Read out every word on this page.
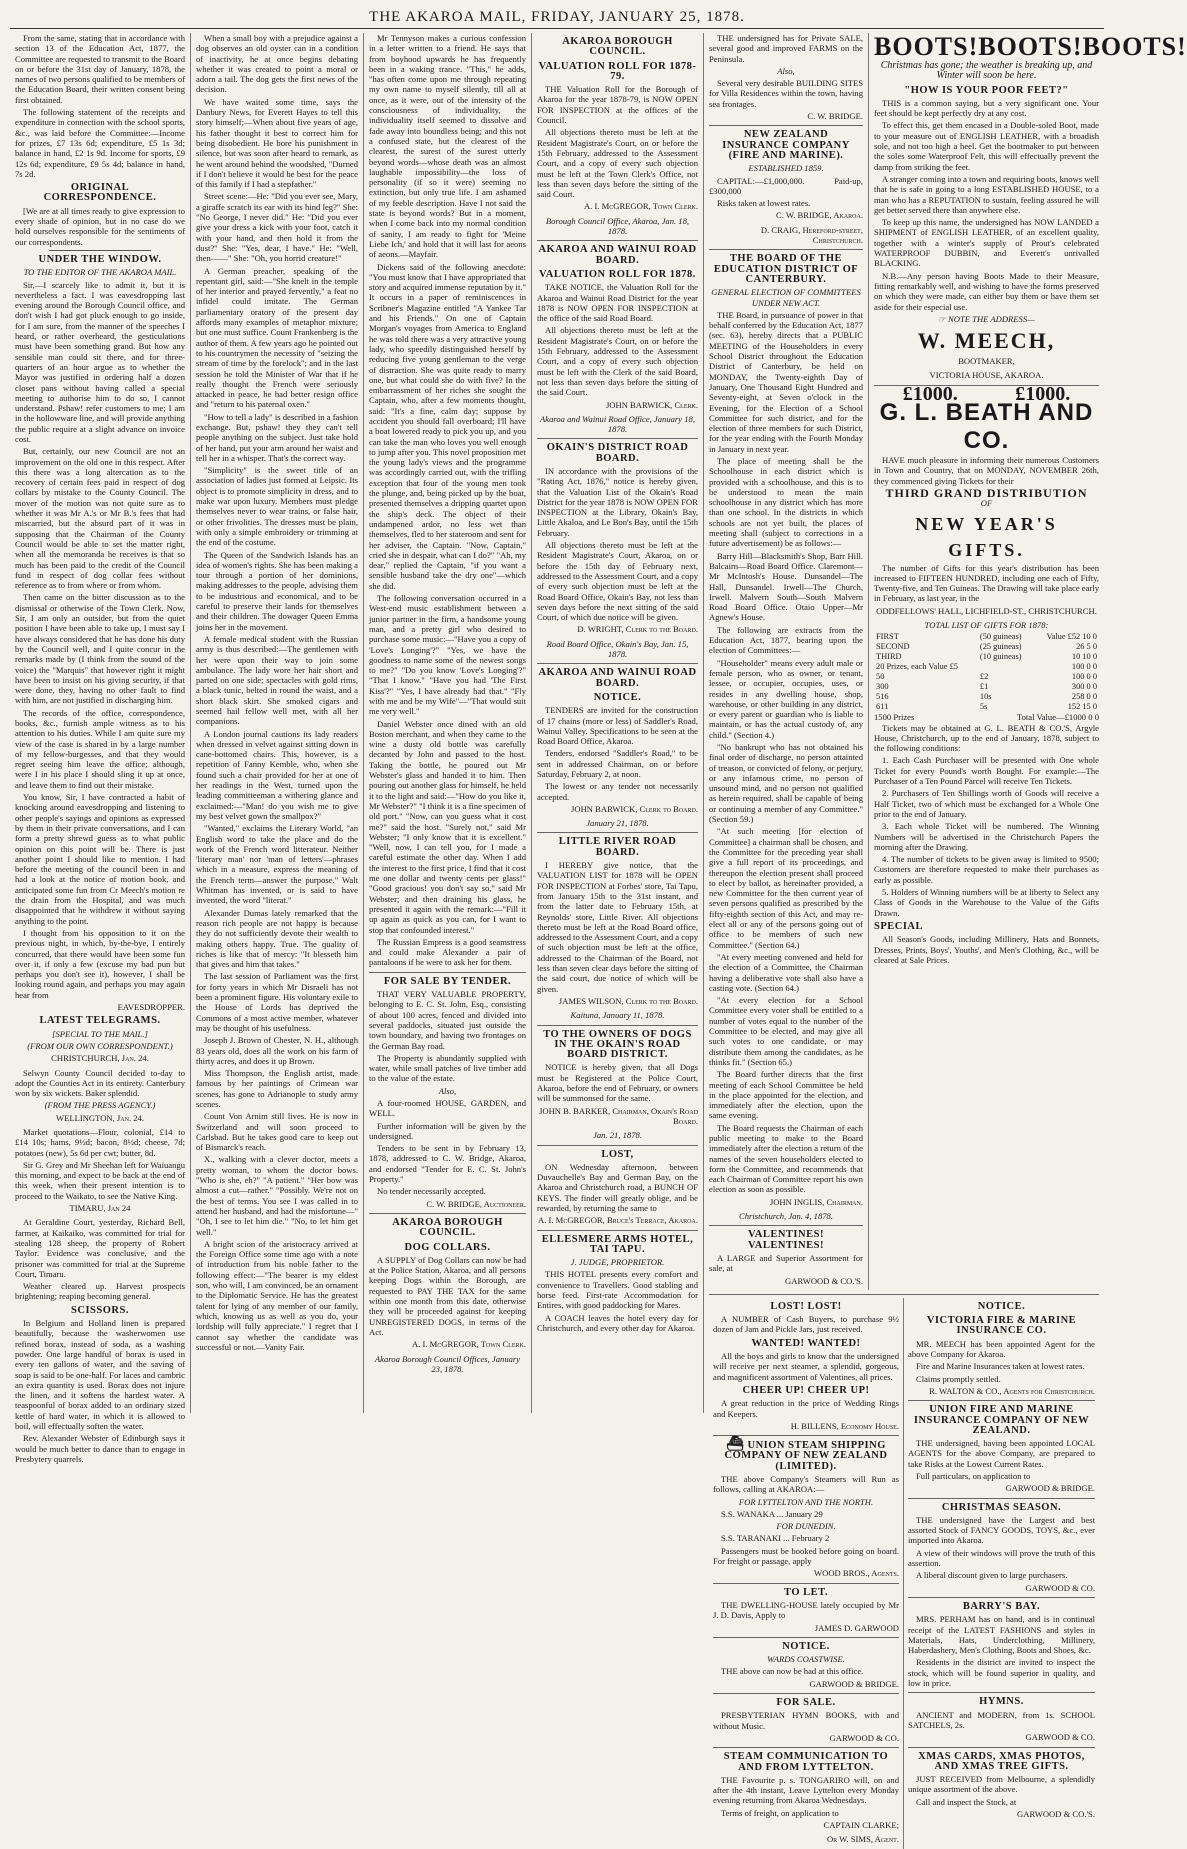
THE AKAROA MAIL, FRIDAY, JANUARY 25, 1878.

From the same, stating that in accordance with section 13 of the Education Act, 1877, the Committee are requested to transmit to the Board on or before the 31st day of January, 1878, the names of two persons qualified to be members of the Education Board, their written consent being first obtained.

The following statement of the receipts and expenditure in connection with the school sports, &c., was laid before the Committee:—Income for prizes, £7 13s 6d; expenditure, £5 1s 3d; balance in hand, £2 1s 9d. Income for sports, £9 12s 6d; expenditure, £9 5s 4d; balance in hand, 7s 2d.

ORIGINAL CORRESPONDENCE.

[We are at all times ready to give expression to every shade of opinion, but in no case do we hold ourselves responsible for the sentiments of our correspondents.

UNDER THE WINDOW.
TO THE EDITOR OF THE AKAROA MAIL.

Sir,—I scarcely like to admit it, but it is nevertheless a fact. I was eavesdropping last evening around the Borough Council office, and don't wish I had got pluck enough to go inside, for I am sure, from the manner of the speeches I heard, or rather overheard, the gesticulations must have been something grand. But how any sensible man could sit there, and for three-quarters of an hour argue as to whether the Mayor was justified in ordering half a dozen closet pans without having called a special meeting to authorise him to do so, I cannot understand. Pshaw! refer customers to me; I am in the hollowware line, and will provide anything the public require at a slight advance on invoice cost.

But, certainly, our new Council are not an improvement on the old one in this respect. After this there was a long altercation as to the recovery of certain fees paid in respect of dog collars by mistake to the County Council. The mover of the motion was not quite sure as to whether it was Mr A.'s or Mr B.'s fees that had miscarried, but the absurd part of it was in supposing that the Chairman of the County Council would be able to set the matter right, when all the memoranda he receives is that so much has been paid to the credit of the Council fund in respect of dog collar fees without reference as to from where or from whom.

Then came on the bitter discussion as to the dismissal or otherwise of the Town Clerk. Now, Sir, I am only an outsider, but from the quiet position I have been able to take up, I must say I have always considered that he has done his duty by the Council well, and I quite concur in the remarks made by (I think from the sound of the voice) the "Marquis" that however right it might have been to insist on his giving security, if that were done, they, having no other fault to find with him, are not justified in discharging him.

The records of the office, correspondence, books, &c., furnish ample witness as to his attention to his duties. While I am quite sure my view of the case is shared in by a large number of my fellow-burgesses, and that they would regret seeing him leave the office; although, were I in his place I should sling it up at once, and leave them to find out their mistake.

You know, Sir, I have contracted a habit of knocking around eavesdropping and listening to other people's sayings and opinions as expressed by them in their private conversations, and I can form a pretty shrewd guess as to what public opinion on this point will be. There is just another point I should like to mention. I had before the meeting of the council been in and had a look at the notice of motion book, and anticipated some fun from Cr Meech's motion re the drain from the Hospital, and was much disappointed that he withdrew it without saying anything to the point.

I thought from his opposition to it on the previous night, in which, by-the-bye, I entirely concurred, that there would have been some fun over it, if only a few (excuse my bad pun but perhaps you don't see it), however, I shall be looking round again, and perhaps you may again hear from

EAVESDROPPER.
LATEST TELEGRAMS.
[SPECIAL TO THE MAIL.]
(FROM OUR OWN CORRESPONDENT.)
CHRISTCHURCH, Jan. 24.

Selwyn County Council decided to-day to adopt the Counties Act in its entirety. Canterbury won by six wickets. Baker splendid.

(FROM THE PRESS AGENCY.)
WELLINGTON, Jan. 24.

Market quotations—Flour, colonial, £14 to £14 10s; hams, 9½d; bacon, 8½d; cheese, 7d; potatoes (new), 5s 6d per cwt; butter, 8d.

Sir G. Grey and Mr Sheehan left for Waiuangu this morning, and expect to be back at the end of this week, when their present intention is to proceed to the Waikato, to see the Native King.

TIMARU, Jan 24

At Geraldine Court, yesterday, Richard Bell, farmer, at Kaikaiko, was committed for trial for stealing 128 sheep, the property of Robert Taylor. Evidence was conclusive, and the prisoner was committed for trial at the Supreme Court, Timaru.

Weather cleared up. Harvest prospects brightening; reaping becoming general.

SCISSORS.

In Belgium and Holland linen is prepared beautifully, because the washerwomen use refined borax, instead of soda, as a washing powder. One large handful of borax is used in every ten gallons of water, and the saving of soap is said to be one-half. For laces and cambric an extra quantity is used. Borax does not injure the linen, and it softens the hardest water. A teaspoonful of borax added to an ordinary sized kettle of hard water, in which it is allowed to boil, will effectually soften the water.

Rev. Alexander Webster of Edinburgh says it would be much better to dance than to engage in Presbytery quarrels.

When a small boy with a prejudice against a dog observes an old oyster can in a condition of inactivity, he at once begins debating whether it was created to point a moral or adorn a tail. The dog gets the first news of the decision.

We have waited some time, says the Danbury News, for Everett Hayes to tell this story himself;—When about five years of age, his father thought it best to correct him for being disobedient. He bore his punishment in silence, but was soon after heard to remark, as he went around behind the woodshed, "Durned if I don't believe it would be best for the peace of this family if I had a stepfather."

Street scene:—He: "Did you ever see, Mary, a giraffe scratch its ear with its hind leg?" She: "No George, I never did." He: "Did you ever give your dress a kick with your foot, catch it with your hand, and then hold it from the dust?" She: "Yes, dear, I have." He: "Well, then——" She: "Oh, you horrid creature!"

A German preacher, speaking of the repentant girl, said:—"She knelt in the temple of her interior and prayed fervently," a feat no infidel could imitate. The German parliamentary oratory of the present day affords many examples of metaphor mixture; but one must suffice. Count Frankenberg is the author of them. A few years ago he pointed out to his countrymen the necessity of "seizing the stream of time by the forelock"; and in the last session he told the Minister of War that if he really thought the French were seriously attacked in peace, he had better resign office and "return to his paternal oxen."

"How to tell a lady" is described in a fashion exchange. But, pshaw! they they can't tell people anything on the subject. Just take hold of her hand, put your arm around her waist and tell her in a whisper. That's the correct way.

"Simplicity" is the sweet title of an association of ladies just formed at Leipsic. Its object is to promote simplicity in dress, and to make war upon luxury. Members must pledge themselves never to wear trains, or false hair, or other frivolities. The dresses must be plain, with only a simple embroidery or trimming at the end of the costume.

The Queen of the Sandwich Islands has an idea of women's rights. She has been making a tour through a portion of her dominions, making addresses to the people, advising them to be industrious and economical, and to be careful to preserve their lands for themselves and their children. The dowager Queen Emma joins her in the movement.

A female medical student with the Russian army is thus described:—The gentlemen with her were upon their way to join some ambulance. The lady wore her hair short and parted on one side; spectacles with gold rims, a black tunic, belted in round the waist, and a short black skirt. She smoked cigars and seemed hail fellow well met, with all her companions.

A London journal cautions its lady readers when dressed in velvet against sitting down in cane-bottomed chairs. This, however, is a repetition of Fanny Kemble, who, when she found such a chair provided for her at one of her readings in the West, turned upon the leading committeeman a withering glance and exclaimed:—"Man! do you wish me to give my best velvet gown the smallpox?"

"Wanted," exclaims the Literary World, "an English word to take the place and do the work of the French word litterateur. Neither 'literary man' nor 'man of letters'—phrases which in a measure, express the meaning of the French term—answer the purpose." Walt Whitman has invented, or is said to have invented, the word "literat."

Alexander Dumas lately remarked that the reason rich people are not happy is because they do not sufficiently devote their wealth to making others happy. True. The quality of riches is like that of mercy: "It blesseth him that gives and him that takes."

The last session of Parliament was the first for forty years in which Mr Disraeli has not been a prominent figure. His voluntary exile to the House of Lords has deprived the Commons of a most active member, whatever may be thought of his usefulness.

Joseph J. Brown of Chester, N. H., although 83 years old, does all the work on his farm of thirty acres, and does it up Brown.

Miss Thompson, the English artist, made famous by her paintings of Crimean war scenes, has gone to Adrianople to study army scenes.

Count Von Arnim still lives. He is now in Switzerland and will soon proceed to Carlsbad. But he takes good care to keep out of Bismarck's reach.

X., walking with a clever doctor, meets a pretty woman, to whom the doctor bows. "Who is she, eh?" "A patient." "Her bow was almost a cut—rather." "Possibly. We're not on the best of terms. You see I was called in to attend her husband, and had the misfortune—" "Oh, I see to let him die." "No, to let him get well."

A bright scion of the aristocracy arrived at the Foreign Office some time ago with a note of introduction from his noble father to the following effect:—"The bearer is my eldest son, who will, I am convinced, be an ornament to the Diplomatic Service. He has the greatest talent for lying of any member of our family, which, knowing us as well as you do, your lordship will fully appreciate." I regret that I cannot say whether the candidate was successful or not.—Vanity Fair.

Mr Tennyson makes a curious confession in a letter written to a friend. He says that from boyhood upwards he has frequently been in a waking trance. "This," he adds, "has often come upon me through repeating my own name to myself silently, till all at once, as it were, out of the intensity of the consciousness of individuality, the individuality itself seemed to dissolve and fade away into boundless being; and this not a confused state, but the clearest of the clearest, the surest of the surest utterly beyond words—whose death was an almost laughable impossibility—the loss of personality (if so it were) seeming no extinction, but only true life. I am ashamed of my feeble description. Have I not said the state is beyond words? But in a moment, when I come back into my normal condition of sanity, I am ready to fight for 'Meine Liebe Ich,' and hold that it will last for aeons of aeons.—Mayfair.

Dickens said of the following anecdote: "You must know that I have appropriated that story and acquired immense reputation by it." It occurs in a paper of reminiscences in Scribner's Magazine entitled "A Yankee Tar and his Friends." On one of Captain Morgan's voyages from America to England he was told there was a very attractive young lady, who speedily distinguished herself by reducing five young gentleman to the verge of distraction. She was quite ready to marry one, but what could she do with five? In the embarrassment of her riches she sought the Captain, who, after a few moments thought, said: "It's a fine, calm day; suppose by accident you should fall overboard; I'll have a boat lowered ready to pick you up, and you can take the man who loves you well enough to jump after you. This novel proposition met the young lady's views and the programme was accordingly carried out, with the trifling exception that four of the young men took the plunge, and, being picked up by the boat, presented themselves a dripping quartet upon the ship's deck. The object of their undampened ardor, no less wet than themselves, fled to her stateroom and sent for her adviser, the Captain. "Now, Captain," cried she in despair, what can I do?" "Ah, my dear," replied the Captain, "if you want a sensible husband take the dry one"—which she did.

The following conversation occurred in a West-end music establishment between a junior partner in the firm, a handsome young man, and a pretty girl who desired to purchase some music:—"Have you a copy of 'Love's Longing'?" "Yes, we have the goodness to name some of the newest songs to me?" "Do you know 'Love's Longing'?" "That I know." "Have you had 'The First Kiss'?" "Yes, I have already had that." "Fly with me and be my Wife"—"That would suit me very well."

Daniel Webster once dined with an old Boston merchant, and when they came to the wine a dusty old bottle was carefully decanted by John and passed to the host. Taking the bottle, he poured out Mr Webster's glass and handed it to him. Then pouring out another glass for himself, he held it to the light and said:—"How do you like it, Mr Webster?" "I think it is a fine specimen of old port." "Now, can you guess what it cost me?" said the host. "Surely not," said Mr Webster; "I only know that it is excellent." "Well, now, I can tell you, for I made a careful estimate the other day. When I add the interest to the first price, I find that it cost me one dollar and twenty cents per glass!" "Good gracious! you don't say so," said Mr Webster; and then draining his glass, he presented it again with the remark:—"Fill it up again as quick as you can, for I want to stop that confounded interest."

The Russian Empress is a good seamstress and could make Alexander a pair of pantaloons if he were to ask her for them.

FOR SALE BY TENDER.

THAT VERY VALUABLE PROPERTY, belonging to E. C. St. John, Esq., consisting of about 100 acres, fenced and divided into several paddocks, situated just outside the town boundary, and having two frontages on the German Bay road.

The Property is abundantly supplied with water, while small patches of live timber add to the value of the estate.

Also,

A four-roomed HOUSE, GARDEN, and WELL.

Further information will be given by the undersigned.

Tenders to be sent in by February 13, 1878, addressed to C. W. Bridge, Akaroa, and endorsed "Tender for E. C. St. John's Property."

No tender necessarily accepted.

C. W. BRIDGE, Auctioneer.
AKAROA BOROUGH COUNCIL.
DOG COLLARS.

A SUPPLY of Dog Collars can now be had at the Police Station, Akaroa, and all persons keeping Dogs within the Borough, are requested to PAY THE TAX for the same within one month from this date, otherwise they will be proceeded against for keeping UNREGISTERED DOGS, in terms of the Act.

A. I. McGREGOR, Town Clerk.
Akaroa Borough Council Offices, January 23, 1878.
AKAROA BOROUGH COUNCIL.
VALUATION ROLL FOR 1878-79.

THE Valuation Roll for the Borough of Akaroa for the year 1878-79, is NOW OPEN FOR INSPECTION at the offices of the Council.

All objections thereto must be left at the Resident Magistrate's Court, on or before the 15th February, addressed to the Assessment Court, and a copy of every such objection must be left at the Town Clerk's Office, not less than seven days before the sitting of the said Court.

A. I. McGREGOR, Town Clerk.
Borough Council Office, Akaroa, Jan. 18, 1878.
AKAROA AND WAINUI ROAD BOARD.
VALUATION ROLL FOR 1878.

TAKE NOTICE, the Valuation Roll for the Akaroa and Wainui Road District for the year 1878 is NOW OPEN FOR INSPECTION at the office of the said Road Board.

All objections thereto must be left at the Resident Magistrate's Court, on or before the 15th February, addressed to the Assessment Court, and a copy of every such objection must be left with the Clerk of the said Board, not less than seven days before the sitting of the said Court.

JOHN BARWICK, Clerk.
Akaroa and Wainui Road Office, January 18, 1878.
OKAIN'S DISTRICT ROAD BOARD.

IN accordance with the provisions of the "Rating Act, 1876," notice is hereby given, that the Valuation List of the Okain's Road District for the year 1878 is NOW OPEN FOR INSPECTION at the Library, Okain's Bay, Little Akaloa, and Le Bon's Bay, until the 15th February.

All objections thereto must be left at the Resident Magistrate's Court, Akaroa, on or before the 15th day of February next, addressed to the Assessment Court, and a copy of every such objection must be left at the Road Board Office, Okain's Bay, not less than seven days before the next sitting of the said Court, of which due notice will be given.

D. WRIGHT, Clerk to the Board.
Road Board Office, Okain's Bay, Jan. 15, 1878.
AKAROA AND WAINUI ROAD BOARD.
NOTICE.

TENDERS are invited for the construction of 17 chains (more or less) of Saddler's Road, Wainui Valley. Specifications to be seen at the Road Board Office, Akaroa.

Tenders, endorsed "Saddler's Road," to be sent in addressed Chairman, on or before Saturday, February 2, at noon.

The lowest or any tender not necessarily accepted.

JOHN BARWICK, Clerk to Board.
January 21, 1878.
LITTLE RIVER ROAD BOARD.

I HEREBY give notice, that the VALUATION LIST for 1878 will be OPEN FOR INSPECTION at Forbes' store, Tai Tapu, from January 15th to the 31st instant, and from the latter date to February 15th, at Reynolds' store, Little River. All objections thereto must be left at the Road Board office, addressed to the Assessment Court, and a copy of such objection must be left at the office, addressed to the Chairman of the Board, not less than seven clear days before the sitting of the said court, due notice of which will be given.

JAMES WILSON, Clerk to the Board.
Kaituna, January 11, 1878.
TO THE OWNERS OF DOGS IN THE OKAIN'S ROAD BOARD DISTRICT.

NOTICE is hereby given, that all Dogs must be Registered at the Police Court, Akaroa, before the end of February, or owners will be summonsed for the same.

JOHN B. BARKER, Chairman, Okain's Road Board.
Jan. 21, 1878.
LOST,

ON Wednesday afternoon, between Duvauchelle's Bay and German Bay, on the Akaroa and Christchurch road, a BUNCH OF KEYS. The finder will greatly oblige, and be rewarded, by returning the same to

A. I. McGREGOR, Bruce's Terrace, Akaroa.
ELLESMERE ARMS HOTEL, TAI TAPU.
J. JUDGE, PROPRIETOR.

THIS HOTEL presents every comfort and convenience to Travellers. Good stabling and horse feed. First-rate Accommodation for Entires, with good paddocking for Mares.

A COACH leaves the hotel every day for Christchurch, and every other day for Akaroa.

THE undersigned has for Private SALE, several good and improved FARMS on the Peninsula.

Also,

Several very desirable BUILDING SITES for Villa Residences within the town, having sea frontages.

C. W. BRIDGE.
NEW ZEALAND INSURANCE COMPANY (FIRE AND MARINE).
ESTABLISHED 1859.

CAPITAL:—£1,000,000. Paid-up, £300,000

Risks taken at lowest rates.

C. W. BRIDGE, Akaroa.
D. CRAIG, Hereford-street, Christchurch.
THE BOARD OF THE EDUCATION DISTRICT OF CANTERBURY.
GENERAL ELECTION OF COMMITTEES UNDER NEW ACT.

THE Board, in pursuance of power in that behalf conferred by the Education Act, 1877 (sec. 63), hereby directs that a PUBLIC MEETING of the Householders in every School District throughout the Education District of Canterbury, be held on MONDAY, the Twenty-eighth Day of January, One Thousand Eight Hundred and Seventy-eight, at Seven o'clock in the Evening, for the Election of a School Committee for such district, and for the election of three members for such District, for the year ending with the Fourth Monday in January in next year.

The place of meeting shall be the Schoolhouse in each district which is provided with a schoolhouse, and this is to be understood to mean the main schoolhouse in any district which has more than one school. In the districts in which schools are not yet built, the places of meeting shall (subject to corrections in a future advertisement) be as follows:—

Barry Hill—Blacksmith's Shop, Barr Hill. Balcairn—Road Board Office. Claremont—Mr McIntosh's House. Dunsandel—The Hall, Dunsandel. Irwell—The Church, Irwell. Malvern South—South Malvern Road Board Office. Otaio Upper—Mr Agnew's House.

The following are extracts from the Education Act, 1877, bearing upon the election of Committees:—

"Householder" means every adult male or female person, who as owner, or tenant, lessee, or occupier, occupies, uses, or resides in any dwelling house, shop, warehouse, or other building in any district, or every parent or guardian who is liable to maintain, or has the actual custody of, any child." (Section 4.)

"No bankrupt who has not obtained his final order of discharge, no person attainted of treason, or convicted of felony, or perjury, or any infamous crime, no person of unsound mind, and no person not qualified as herein required, shall be capable of being or continuing a member of any Committee." (Section 59.)

"At such meeting [for election of Committee] a chairman shall be chosen, and the Committee for the preceding year shall give a full report of its proceedings, and thereupon the election present shall proceed to elect by ballot, as hereinafter provided, a new Committee for the then current year of seven persons qualified as prescribed by the fifty-eighth section of this Act, and may re-elect all or any of the persons going out of office to be members of such new Committee." (Section 64.)

"At every meeting convened and held for the election of a Committee, the Chairman having a deliberative vote shall also have a casting vote. (Section 64.)

"At every election for a School Committee every voter shall be entitled to a number of votes equal to the number of the Committee to be elected, and may give all such votes to one candidate, or may distribute them among the candidates, as he thinks fit." (Section 65.)

The Board further directs that the first meeting of each School Committee be held in the place appointed for the election, and immediately after the election, upon the same evening.

The Board requests the Chairman of each public meeting to make to the Board immediately after the election a return of the names of the seven householders elected to form the Committee, and recommends that each Chairman of Committee report his own election as soon as possible.

JOHN INGLIS, Chairman.
Christchurch, Jan. 4, 1878.
VALENTINES! VALENTINES!

A LARGE and Superior Assortment for sale, at

GARWOOD & CO.'S.
BOOTS! BOOTS! BOOTS!
Christmas has gone; the weather is breaking up, and Winter will soon be here.
"HOW IS YOUR POOR FEET?"

THIS is a common saying, but a very significant one. Your feet should be kept perfectly dry at any cost.

To effect this, get them encased in a Double-soled Boot, made to your measure out of ENGLISH LEATHER, with a broadish sole, and not too high a heel. Get the bootmaker to put between the soles some Waterproof Felt, this will effectually prevent the damp from striking the feet.

A stranger coming into a town and requiring boots, knows well that he is safe in going to a long ESTABLISHED HOUSE, to a man who has a REPUTATION to sustain, feeling assured he will get better served there than anywhere else.

To keep up this name, the undersigned has NOW LANDED a SHIPMENT of ENGLISH LEATHER, of an excellent quality, together with a winter's supply of Prout's celebrated WATERPROOF DUBBIN, and Everett's unrivalled BLACKING.

N.B.—Any person having Boots Made to their Measure, fitting remarkably well, and wishing to have the forms preserved on which they were made, can either buy them or have them set aside for their especial use.

☞ NOTE THE ADDRESS—
W. MEECH,
BOOTMAKER,
VICTORIA HOUSE, AKAROA.
£1000.	£1000.
G. L. BEATH AND CO.

HAVE much pleasure in informing their numerous Customers in Town and Country, that on MONDAY, NOVEMBER 26th, they commenced giving Tickets for their

THIRD GRAND DISTRIBUTION
OF
NEW YEAR'S GIFTS.

The number of Gifts for this year's distribution has been increased to FIFTEEN HUNDRED, including one each of Fifty, Twenty-five, and Ten Guineas. The Drawing will take place early in February, as last year, in the

ODDFELLOWS' HALL, LICHFIELD-ST., CHRISTCHURCH.
TOTAL LIST OF GIFTS FOR 1878:
FIRST	(50 guineas)	Value £52 10 0
SECOND	(25 guineas)	26 5 0
THIRD	(10 guineas)	10 10 0
20 Prizes, each Value £5		100 0 0
50	£2	100 0 0
300	£1	300 0 0
516	10s	258 0 0
611	5s	152 15 0
1500 Prizes	Total Value—£1000 0 0

Tickets may be obtained at G. L. BEATH & CO.'S, Argyle House, Christchurch, up to the end of January, 1878, subject to the following conditions:

1. Each Cash Purchaser will be presented with One whole Ticket for every Pound's worth Bought. For example:—The Purchaser of a Ten Pound Parcel will receive Ten Tickets.

2. Purchasers of Ten Shillings worth of Goods will receive a Half Ticket, two of which must be exchanged for a Whole One prior to the end of January.

3. Each whole Ticket will be numbered. The Winning Numbers will be advertised in the Christchurch Papers the morning after the Drawing.

4. The number of tickets to be given away is limited to 9500; Customers are therefore requested to make their purchases as early as possible.

5. Holders of Winning numbers will be at liberty to Select any Class of Goods in the Warehouse to the Value of the Gifts Drawn.

SPECIAL

All Season's Goods, including Millinery, Hats and Bonnets, Dresses, Prints, Boys', Youths', and Men's Clothing, &c., will be cleared at Sale Prices.

LOST! LOST!

A NUMBER of Cash Buyers, to purchase 9½ dozen of Jam and Pickle Jars, just received.

WANTED! WANTED!

All the boys and girls to know that the undersigned will receive per next steamer, a splendid, gorgeous, and magnificent assortment of Valentines, all prices.

CHEER UP! CHEER UP!

A great reduction in the price of Wedding Rings and Keepers.

H. BILLENS, Economy House.
⛴ UNION STEAM SHIPPING COMPANY OF NEW ZEALAND (LIMITED).

THE above Company's Steamers will Run as follows, calling at AKAROA:—

FOR LYTTELTON AND THE NORTH.

S.S. WANAKA ... January 29

FOR DUNEDIN.

S.S. TARANAKI ... February 2

Passengers must be booked before going on board. For freight or passage, apply

WOOD BROS., Agents.
TO LET.

THE DWELLING-HOUSE lately occupied by Mr J. D. Davis, Apply to

JAMES D. GARWOOD
NOTICE.
WARDS COASTWISE.

THE above can now be had at this office.

GARWOOD & BRIDGE.
FOR SALE.

PRESBYTERIAN HYMN BOOKS, with and without Music.

GARWOOD & CO.
STEAM COMMUNICATION TO AND FROM LYTTELTON.

THE Favourite p. s. TONGARIRO will, on and after the 4th instant, Leave Lyttelton every Monday evening returning from Akaroa Wednesdays.

Terms of freight, on application to

CAPTAIN CLARKE;
Or W. SIMS, Agent.
NOTICE.
VICTORIA FIRE & MARINE INSURANCE CO.

MR. MEECH has been appointed Agent for the above Company for Akaroa.

Fire and Marine Insurances taken at lowest rates.

Claims promptly settled.

R. WALTON & CO., Agents for Christchurch.
UNION FIRE AND MARINE INSURANCE COMPANY OF NEW ZEALAND.

THE undersigned, having been appointed LOCAL AGENTS for the above Company, are prepared to take Risks at the Lowest Current Rates.

Full particulars, on application to

GARWOOD & BRIDGE.
CHRISTMAS SEASON.

THE undersigned have the Largest and best assorted Stock of FANCY GOODS, TOYS, &c., ever imported into Akaroa.

A view of their windows will prove the truth of this assertion.

A liberal discount given to large purchasers.

GARWOOD & CO.
BARRY'S BAY.

MRS. PERHAM has on hand, and is in continual receipt of the LATEST FASHIONS and styles in Materials, Hats, Underclothing, Millinery, Haberdashery, Men's Clothing, Boots and Shoes, &c.

Residents in the district are invited to inspect the stock, which will be found superior in quality, and low in price.

HYMNS.

ANCIENT and MODERN, from 1s. SCHOOL SATCHELS, 2s.

GARWOOD & CO.
XMAS CARDS, XMAS PHOTOS, AND XMAS TREE GIFTS.

JUST RECEIVED from Melbourne, a splendidly unique assortment of the above.

Call and inspect the Stock, at

GARWOOD & CO.'S.
